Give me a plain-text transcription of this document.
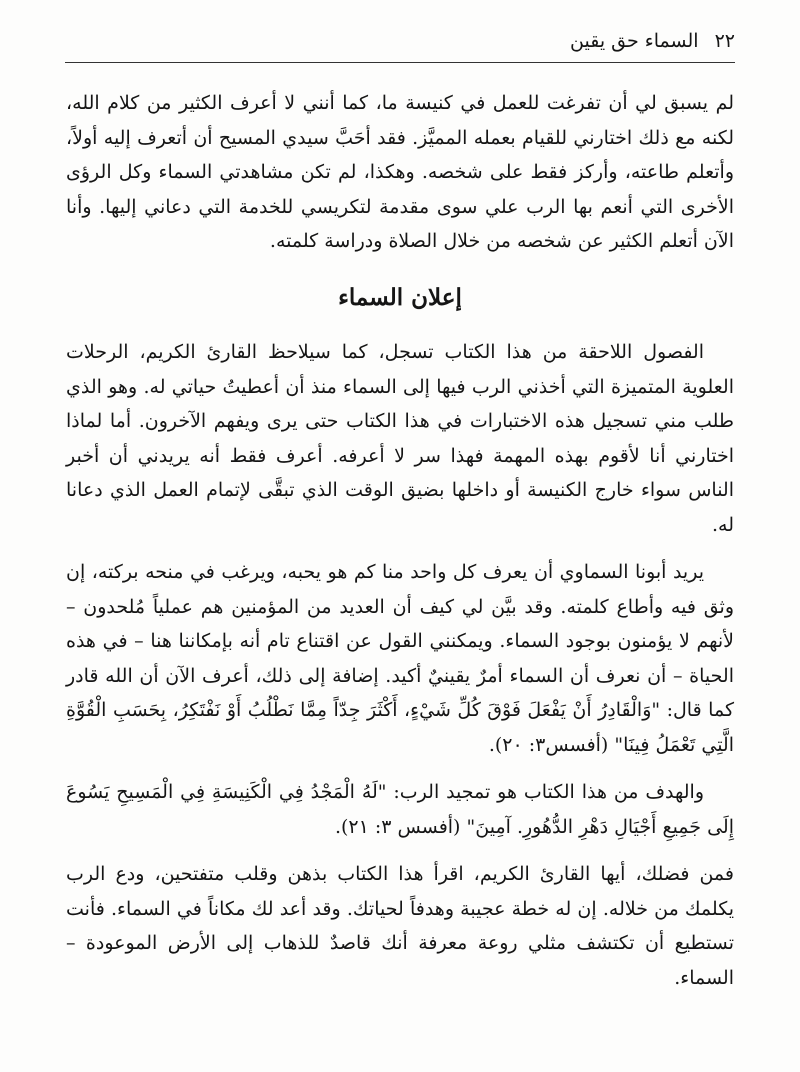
٢٢ السماء حق يقين

لم يسبق لي أن تفرغت للعمل في كنيسة ما، كما أنني لا أعرف الكثير من كلام الله، لكنه مع ذلك اختارني للقيام بعمله المميَّز. فقد أحَبَّ سيدي المسيح أن أتعرف إليه أولاً، وأتعلم طاعته، وأركز فقط على شخصه. وهكذا، لم تكن مشاهدتي السماء وكل الرؤى الأخرى التي أنعم بها الرب علي سوى مقدمة لتكريسي للخدمة التي دعاني إليها. وأنا الآن أتعلم الكثير عن شخصه من خلال الصلاة ودراسة كلمته.

إعلان السماء

الفصول اللاحقة من هذا الكتاب تسجل، كما سيلاحظ القارئ الكريم، الرحلات العلوية المتميزة التي أخذني الرب فيها إلى السماء منذ أن أعطيتُ حياتي له. وهو الذي طلب مني تسجيل هذه الاختبارات في هذا الكتاب حتى يرى ويفهم الآخرون. أما لماذا اختارني أنا لأقوم بهذه المهمة فهذا سر لا أعرفه. أعرف فقط أنه يريدني أن أخبر الناس سواء خارج الكنيسة أو داخلها بضيق الوقت الذي تبقَّى لإتمام العمل الذي دعانا له.

يريد أبونا السماوي أن يعرف كل واحد منا كم هو يحبه، ويرغب في منحه بركته، إن وثق فيه وأطاع كلمته. وقد بيَّن لي كيف أن العديد من المؤمنين هم عملياً مُلحدون – لأنهم لا يؤمنون بوجود السماء. ويمكنني القول عن اقتناع تام أنه بإمكاننا هنا – في هذه الحياة – أن نعرف أن السماء أمرٌ يقينيٌ أكيد. إضافة إلى ذلك، أعرف الآن أن الله قادر كما قال: "وَالْقَادِرُ أَنْ يَفْعَلَ فَوْقَ كُلِّ شَيْءٍ، أَكْثَرَ جِدّاً مِمَّا نَطْلُبُ أَوْ نَفْتَكِرُ، بِحَسَبِ الْقُوَّةِ الَّتِي تَعْمَلُ فِينَا" (أفسس٣: ٢٠).

والهدف من هذا الكتاب هو تمجيد الرب: "لَهُ الْمَجْدُ فِي الْكَنِيسَةِ فِي الْمَسِيحِ يَسُوعَ إِلَى جَمِيعِ أَجْيَالِ دَهْرِ الدُّهُورِ. آمِينَ" (أفسس ٣: ٢١).

فمن فضلك، أيها القارئ الكريم، اقرأ هذا الكتاب بذهن وقلب متفتحين، ودع الرب يكلمك من خلاله. إن له خطة عجيبة وهدفاً لحياتك. وقد أعد لك مكاناً في السماء. فأنت تستطيع أن تكتشف مثلي روعة معرفة أنك قاصدٌ للذهاب إلى الأرض الموعودة – السماء.
